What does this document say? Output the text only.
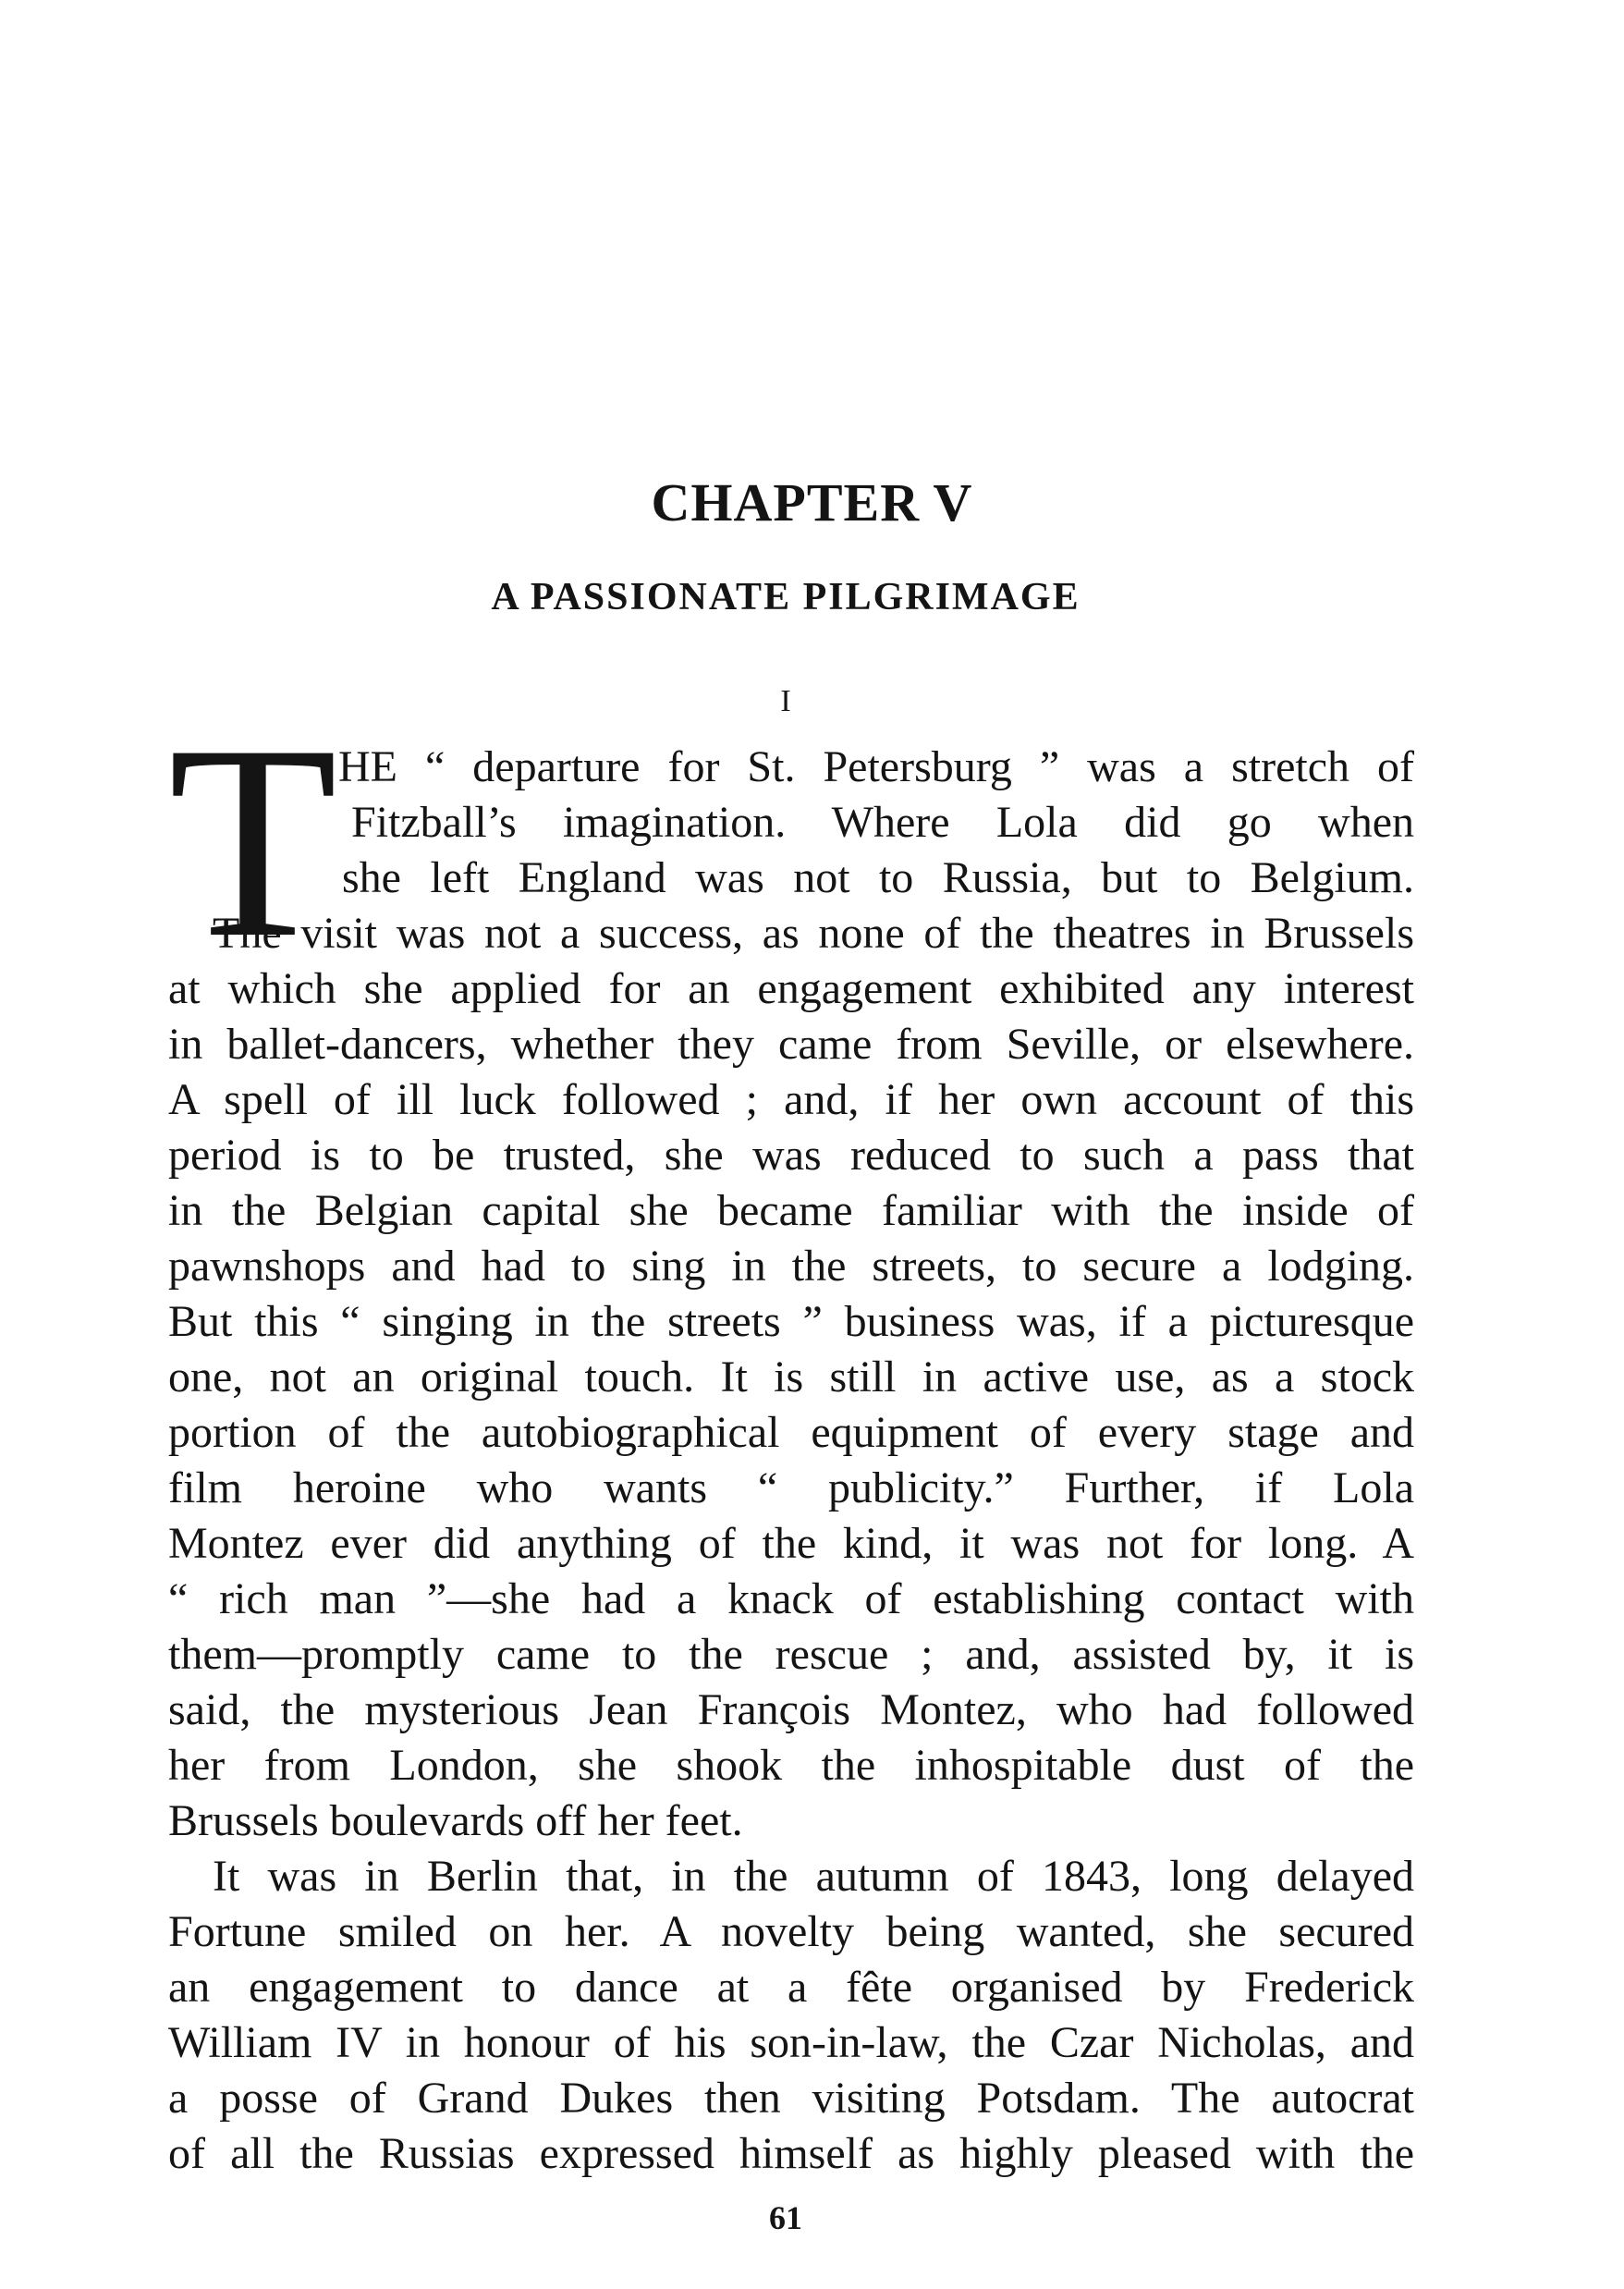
CHAPTER V
A PASSIONATE PILGRIMAGE
I
T HE “ departure for St. Petersburg ” was a stretch of
Fitzball’s imagination. Where Lola did go when
she left England was not to Russia, but to Belgium.
The visit was not a success, as none of the theatres in Brussels
at which she applied for an engagement exhibited any interest
in ballet-dancers, whether they came from Seville, or elsewhere.
A spell of ill luck followed ; and, if her own account of this
period is to be trusted, she was reduced to such a pass that
in the Belgian capital she became familiar with the inside of
pawnshops and had to sing in the streets, to secure a lodging.
But this “ singing in the streets ” business was, if a picturesque
one, not an original touch. It is still in active use, as a stock
portion of the autobiographical equipment of every stage and
film heroine who wants “ publicity.” Further, if Lola
Montez ever did anything of the kind, it was not for long. A
“ rich man ”—she had a knack of establishing contact with
them—promptly came to the rescue ; and, assisted by, it is
said, the mysterious Jean François Montez, who had followed
her from London, she shook the inhospitable dust of the
Brussels boulevards off her feet.
It was in Berlin that, in the autumn of 1843, long delayed
Fortune smiled on her. A novelty being wanted, she secured
an engagement to dance at a fête organised by Frederick
William IV in honour of his son-in-law, the Czar Nicholas, and
a posse of Grand Dukes then visiting Potsdam. The autocrat
of all the Russias expressed himself as highly pleased with the
61
